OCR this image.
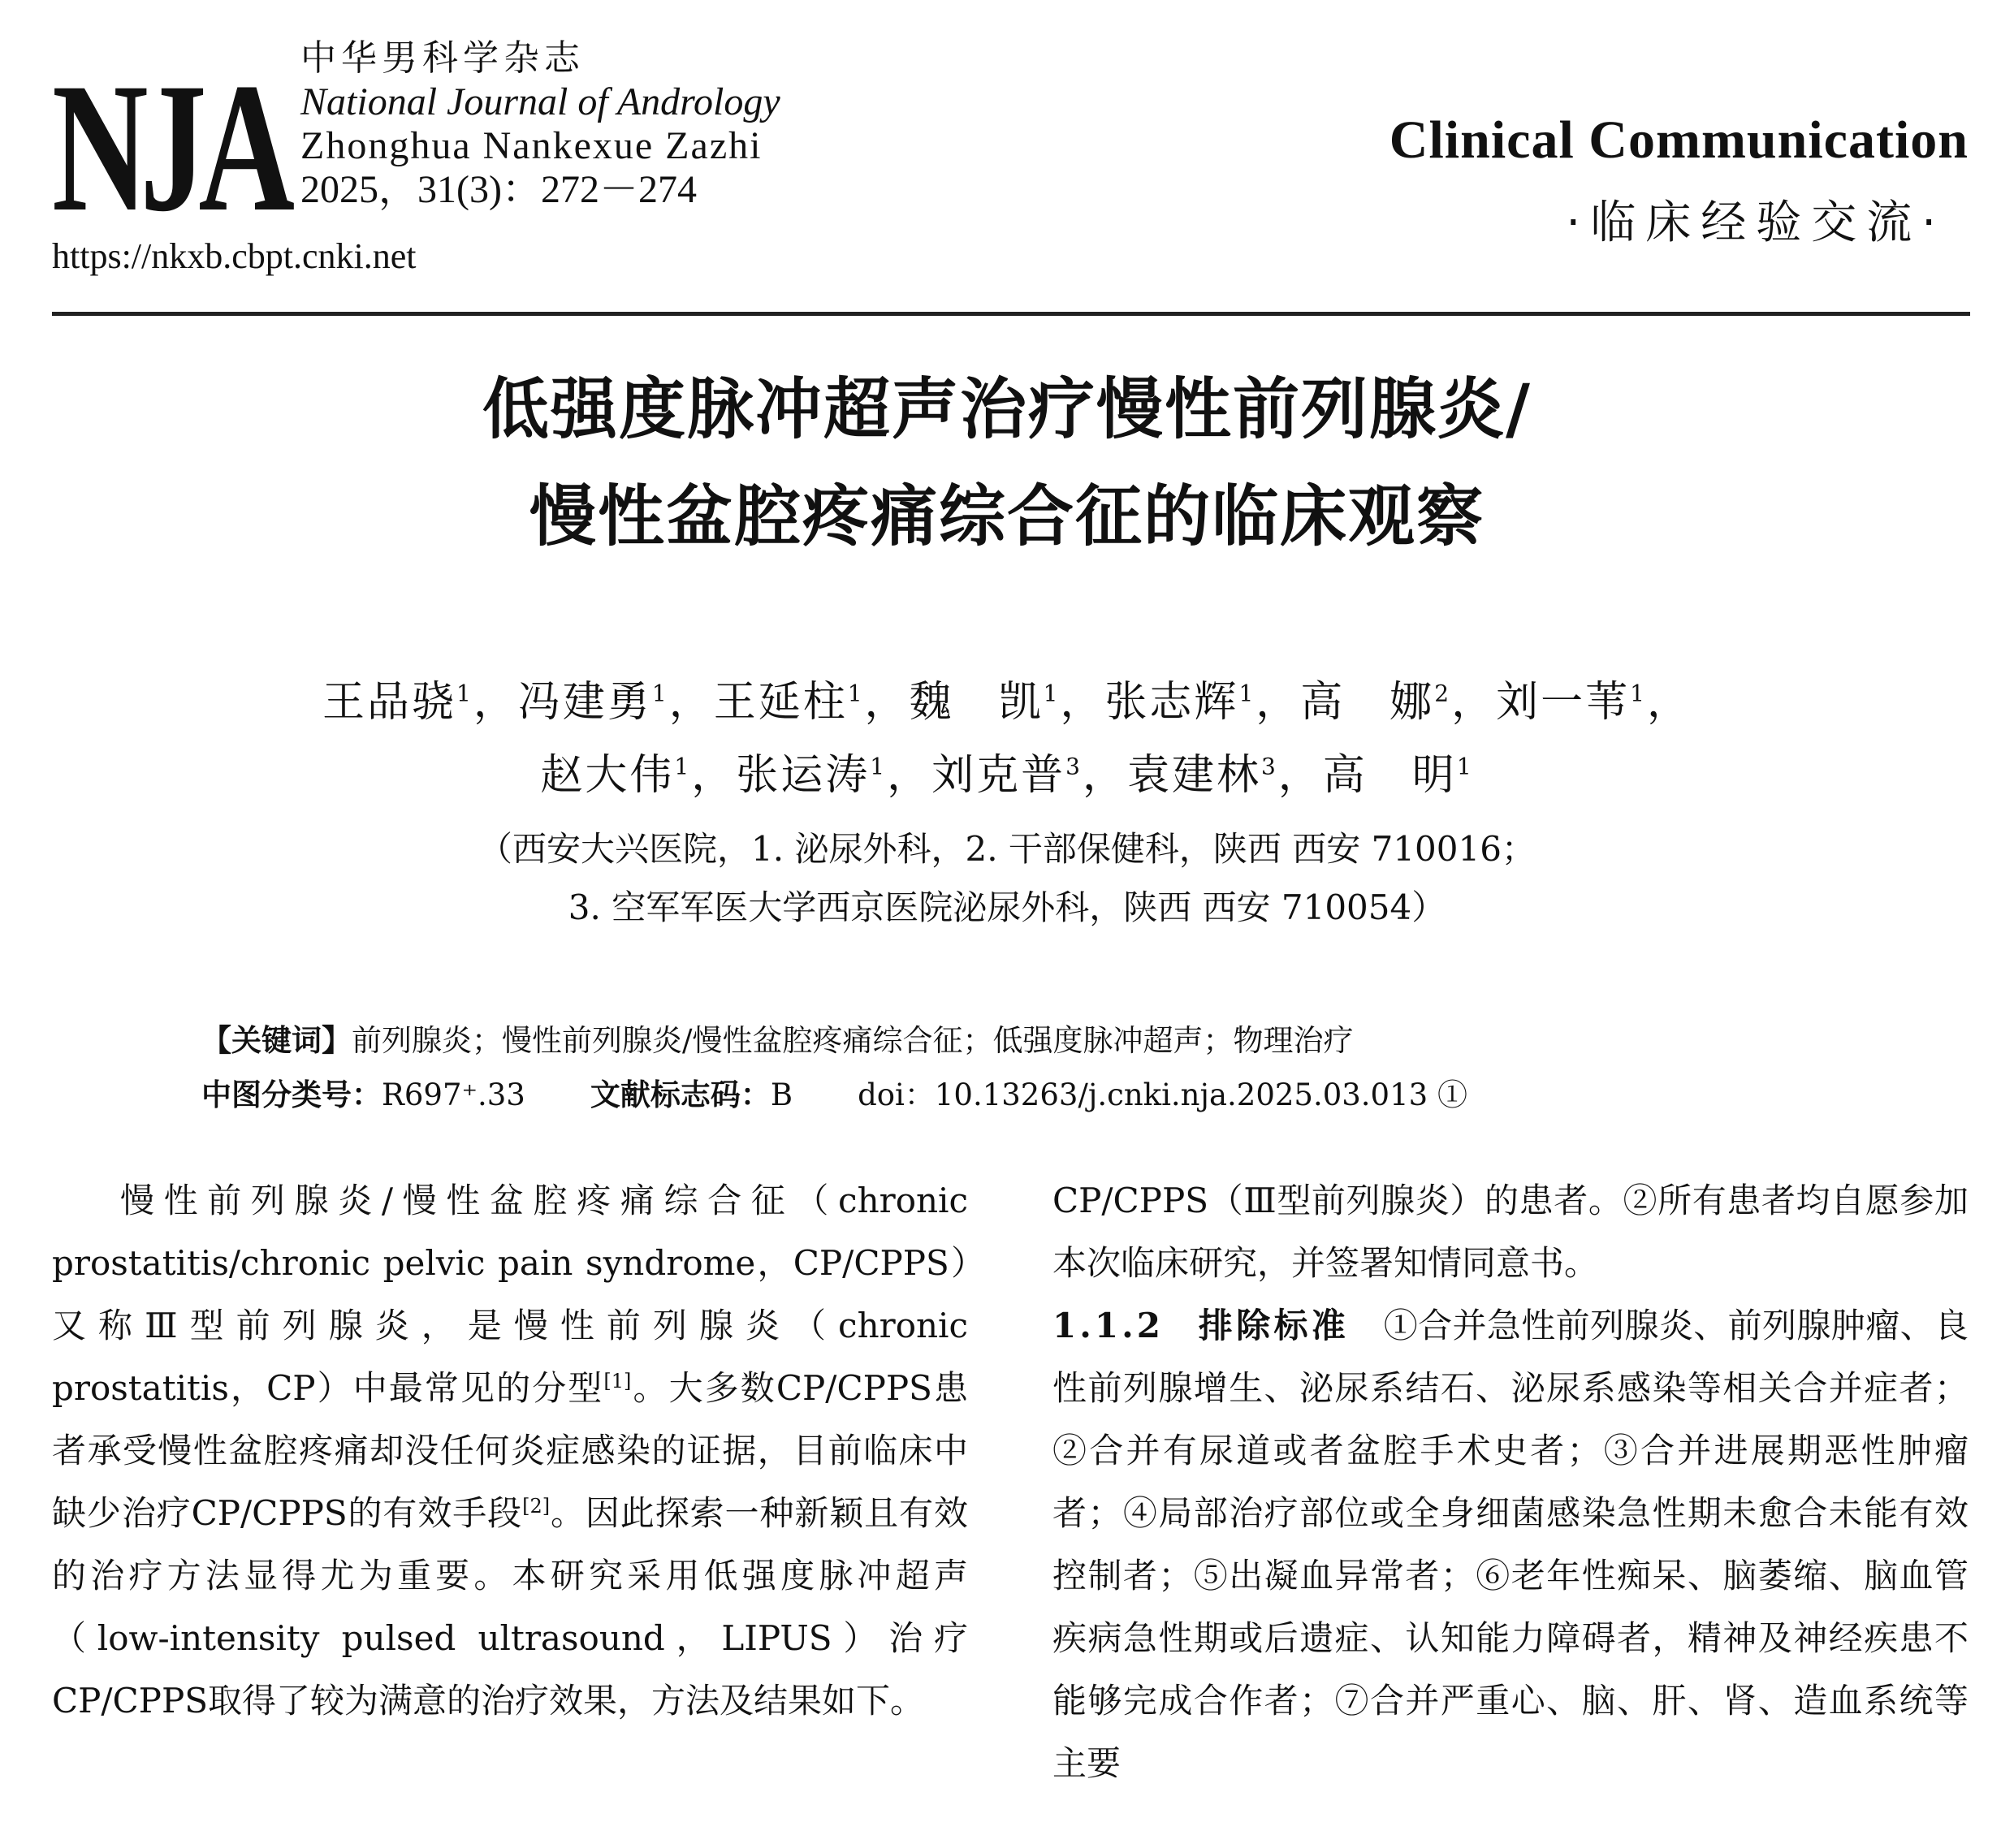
NJA 中华男科学杂志
National Journal of Andrology
Zhonghua Nankexue Zazhi
2025，31(3)：272－274
https://nkxb.cbpt.cnki.net
Clinical Communication
·临床经验交流·
低强度脉冲超声治疗慢性前列腺炎/
慢性盆腔疼痛综合征的临床观察
王品骁$^1$，冯建勇$^1$，王延柱$^1$，魏　凯$^1$，张志辉$^1$，高　娜$^2$，刘一苇$^1$，
赵大伟$^1$，张运涛$^1$，刘克普$^3$，袁建林$^3$，高　明$^1$
（西安大兴医院，1. 泌尿外科，2. 干部保健科，陕西 西安 710016；
3. 空军军医大学西京医院泌尿外科，陕西 西安 710054）
【关键词】前列腺炎；慢性前列腺炎/慢性盆腔疼痛综合征；低强度脉冲超声；物理治疗
中图分类号：R697⁺.33 文献标志码：B doi：10.13263/j.cnki.nja.2025.03.013 ①

慢性前列腺炎/慢性盆腔疼痛综合征（chronic prostatitis/chronic pelvic pain syndrome，CP/CPPS）又称Ⅲ型前列腺炎，是慢性前列腺炎（chronic prostatitis，CP）中最常见的分型[1]。大多数CP/CPPS患者承受慢性盆腔疼痛却没任何炎症感染的证据，目前临床中缺少治疗CP/CPPS的有效手段[2]。因此探索一种新颖且有效的治疗方法显得尤为重要。本研究采用低强度脉冲超声（low-intensity pulsed ultrasound，LIPUS）治疗CP/CPPS取得了较为满意的治疗效果，方法及结果如下。

CP/CPPS（Ⅲ型前列腺炎）的患者。②所有患者均自愿参加本次临床研究，并签署知情同意书。

1.1.2　 排除标准　 ①合并急性前列腺炎、前列腺肿瘤、良性前列腺增生、泌尿系结石、泌尿系感染等相关合并症者；②合并有尿道或者盆腔手术史者；③合并进展期恶性肿瘤者；④局部治疗部位或全身细菌感染急性期未愈合未能有效控制者；⑤出凝血异常者；⑥老年性痴呆、脑萎缩、脑血管疾病急性期或后遗症、认知能力障碍者，精神及神经疾患不能够完成合作者；⑦合并严重心、脑、肝、肾、造血系统等主要
